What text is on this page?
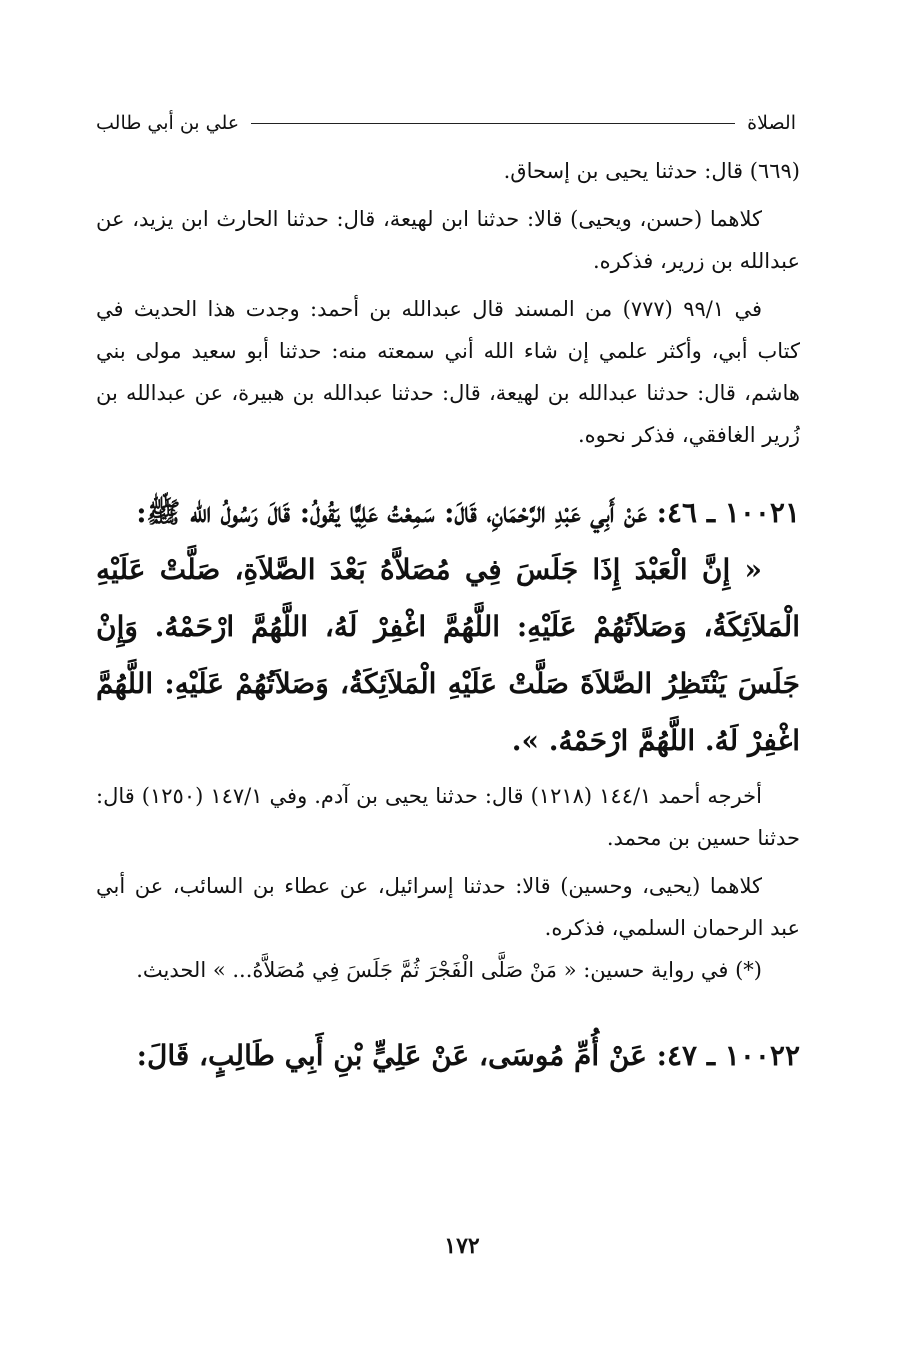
الصلاة
علي بن أبي طالب

(٦٦٩) قال: حدثنا يحيى بن إسحاق.

كلاهما (حسن، ويحيى) قالا: حدثنا ابن لهيعة، قال: حدثنا الحارث ابن يزيد، عن عبدالله بن زرير، فذكره.

في ٩٩/١ (٧٧٧) من المسند قال عبدالله بن أحمد: وجدت هذا الحديث في كتاب أبي، وأكثر علمي إن شاء الله أني سمعته منه: حدثنا أبو سعيد مولى بني هاشم، قال: حدثنا عبدالله بن لهيعة، قال: حدثنا عبدالله بن هبيرة، عن عبدالله بن زُرير الغافقي، فذكر نحوه.

١٠٠٢١ ـ ٤٦: عَنْ أَبِي عَبْدِ الرَّحْمَانِ، قَالَ: سَمِعْتُ عَلِيًّا يَقُولُ: قَالَ رَسُولُ الله ﷺ:

« إِنَّ الْعَبْدَ إِذَا جَلَسَ فِي مُصَلاَّهُ بَعْدَ الصَّلاَةِ، صَلَّتْ عَلَيْهِ الْمَلاَئِكَةُ، وَصَلاَتُهُمْ عَلَيْهِ: اللَّهُمَّ اغْفِرْ لَهُ، اللَّهُمَّ ارْحَمْهُ. وَإِنْ جَلَسَ يَنْتَظِرُ الصَّلاَةَ صَلَّتْ عَلَيْهِ الْمَلاَئِكَةُ، وَصَلاَتُهُمْ عَلَيْهِ: اللَّهُمَّ اغْفِرْ لَهُ. اللَّهُمَّ ارْحَمْهُ. ».

أخرجه أحمد ١٤٤/١ (١٢١٨) قال: حدثنا يحيى بن آدم. وفي ١٤٧/١ (١٢٥٠) قال: حدثنا حسين بن محمد.

كلاهما (يحيى، وحسين) قالا: حدثنا إسرائيل، عن عطاء بن السائب، عن أبي عبد الرحمان السلمي، فذكره.

(*) في رواية حسين: « مَنْ صَلَّى الْفَجْرَ ثُمَّ جَلَسَ فِي مُصَلاَّهُ... » الحديث.

١٠٠٢٢ ـ ٤٧: عَنْ أُمِّ مُوسَى، عَنْ عَلِيٍّ بْنِ أَبِي طَالِبٍ، قَالَ:

١٧٢
